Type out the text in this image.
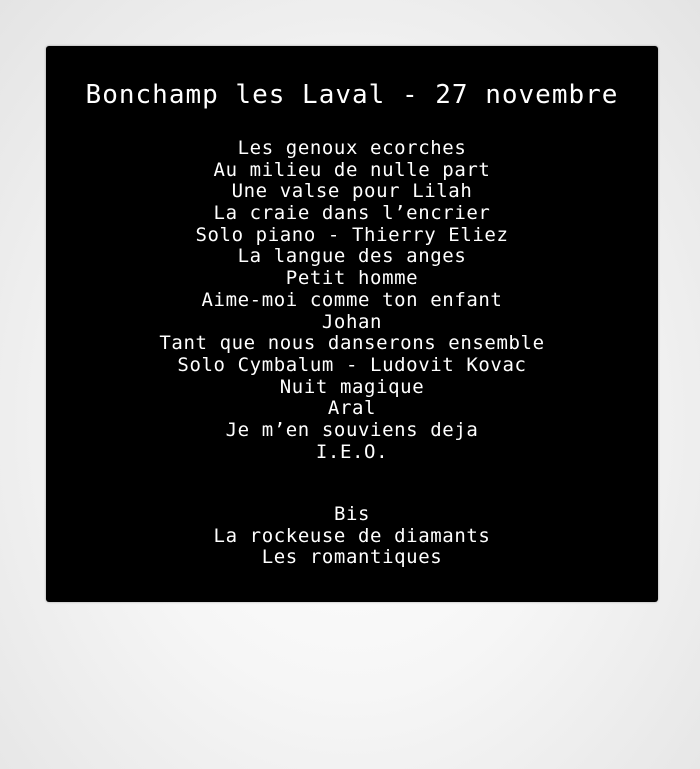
Bonchamp les Laval - 27 novembre
Les genoux ecorches
Au milieu de nulle part
Une valse pour Lilah
La craie dans l’encrier
Solo piano - Thierry Eliez
La langue des anges
Petit homme
Aime-moi comme ton enfant
Johan
Tant que nous danserons ensemble
Solo Cymbalum - Ludovit Kovac
Nuit magique
Aral
Je m’en souviens deja
I.E.O.
Bis
La rockeuse de diamants
Les romantiques
